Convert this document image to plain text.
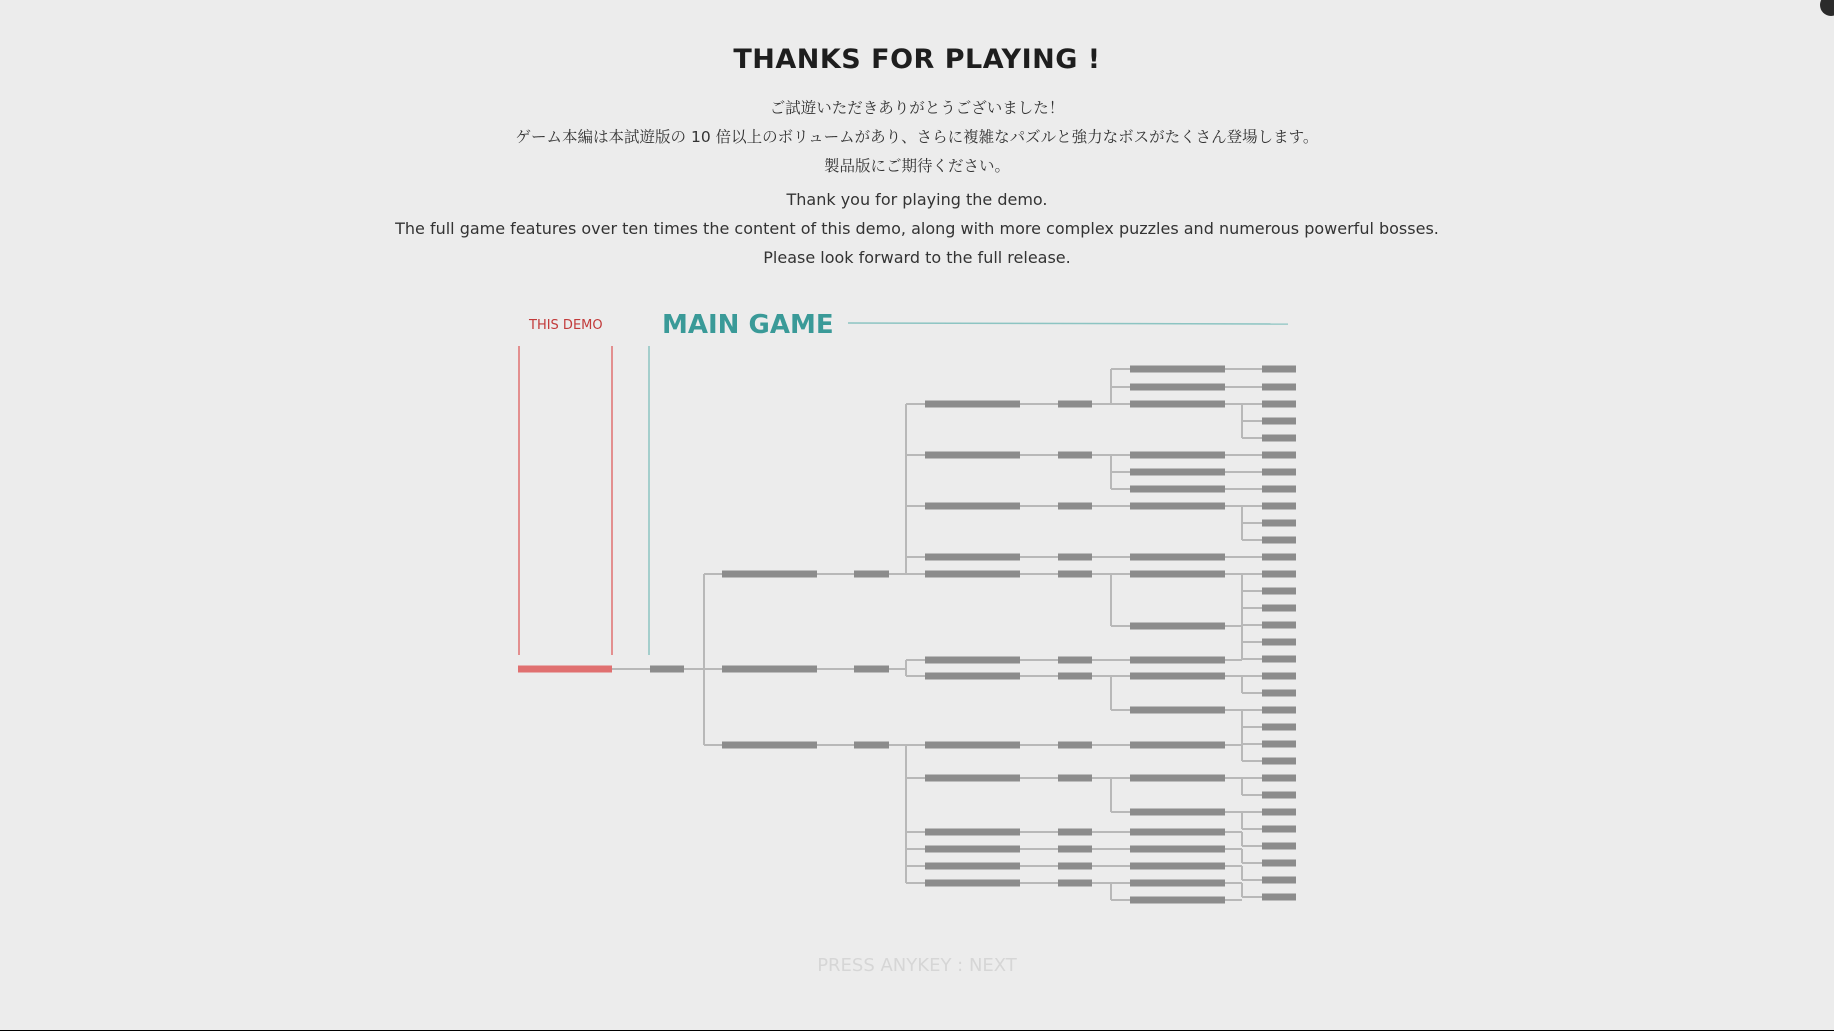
THANKS FOR PLAYING !

ご試遊いただきありがとうございました！

ゲーム本編は本試遊版の 10 倍以上のボリュームがあり、さらに複雑なパズルと強力なボスがたくさん登場します。

製品版にご期待ください。

Thank you for playing the demo.

The full game features over ten times the content of this demo, along with more complex puzzles and numerous powerful bosses.

Please look forward to the full release.

THIS DEMO MAIN GAME
PRESS ANYKEY : NEXT
